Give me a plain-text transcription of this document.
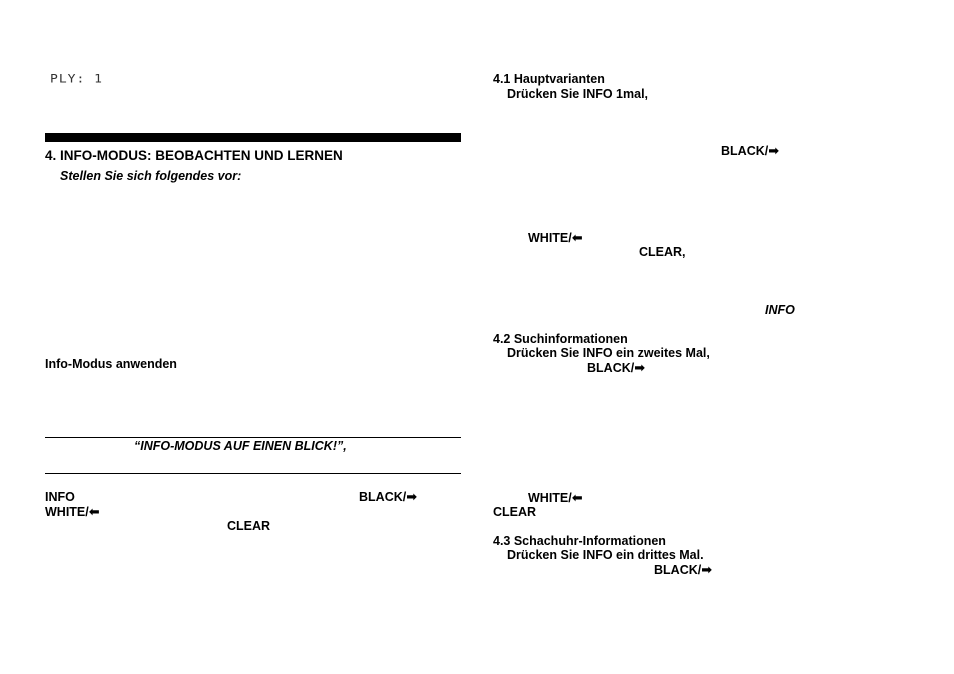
PLY: 1
4. INFO-MODUS: BEOBACHTEN UND LERNEN
Stellen Sie sich folgendes vor:
Info-Modus anwenden
“INFO-MODUS AUF EINEN BLICK!”,
INFO	BLACK/➡
WHITE/⬅
CLEAR
4.1 Hauptvarianten
Drücken Sie INFO 1mal,
BLACK/➡
WHITE/⬅
CLEAR,
INFO
4.2 Suchinformationen
Drücken Sie INFO ein zweites Mal,
BLACK/➡
WHITE/⬅
CLEAR
4.3 Schachuhr-Informationen
Drücken Sie INFO ein drittes Mal.
BLACK/➡
